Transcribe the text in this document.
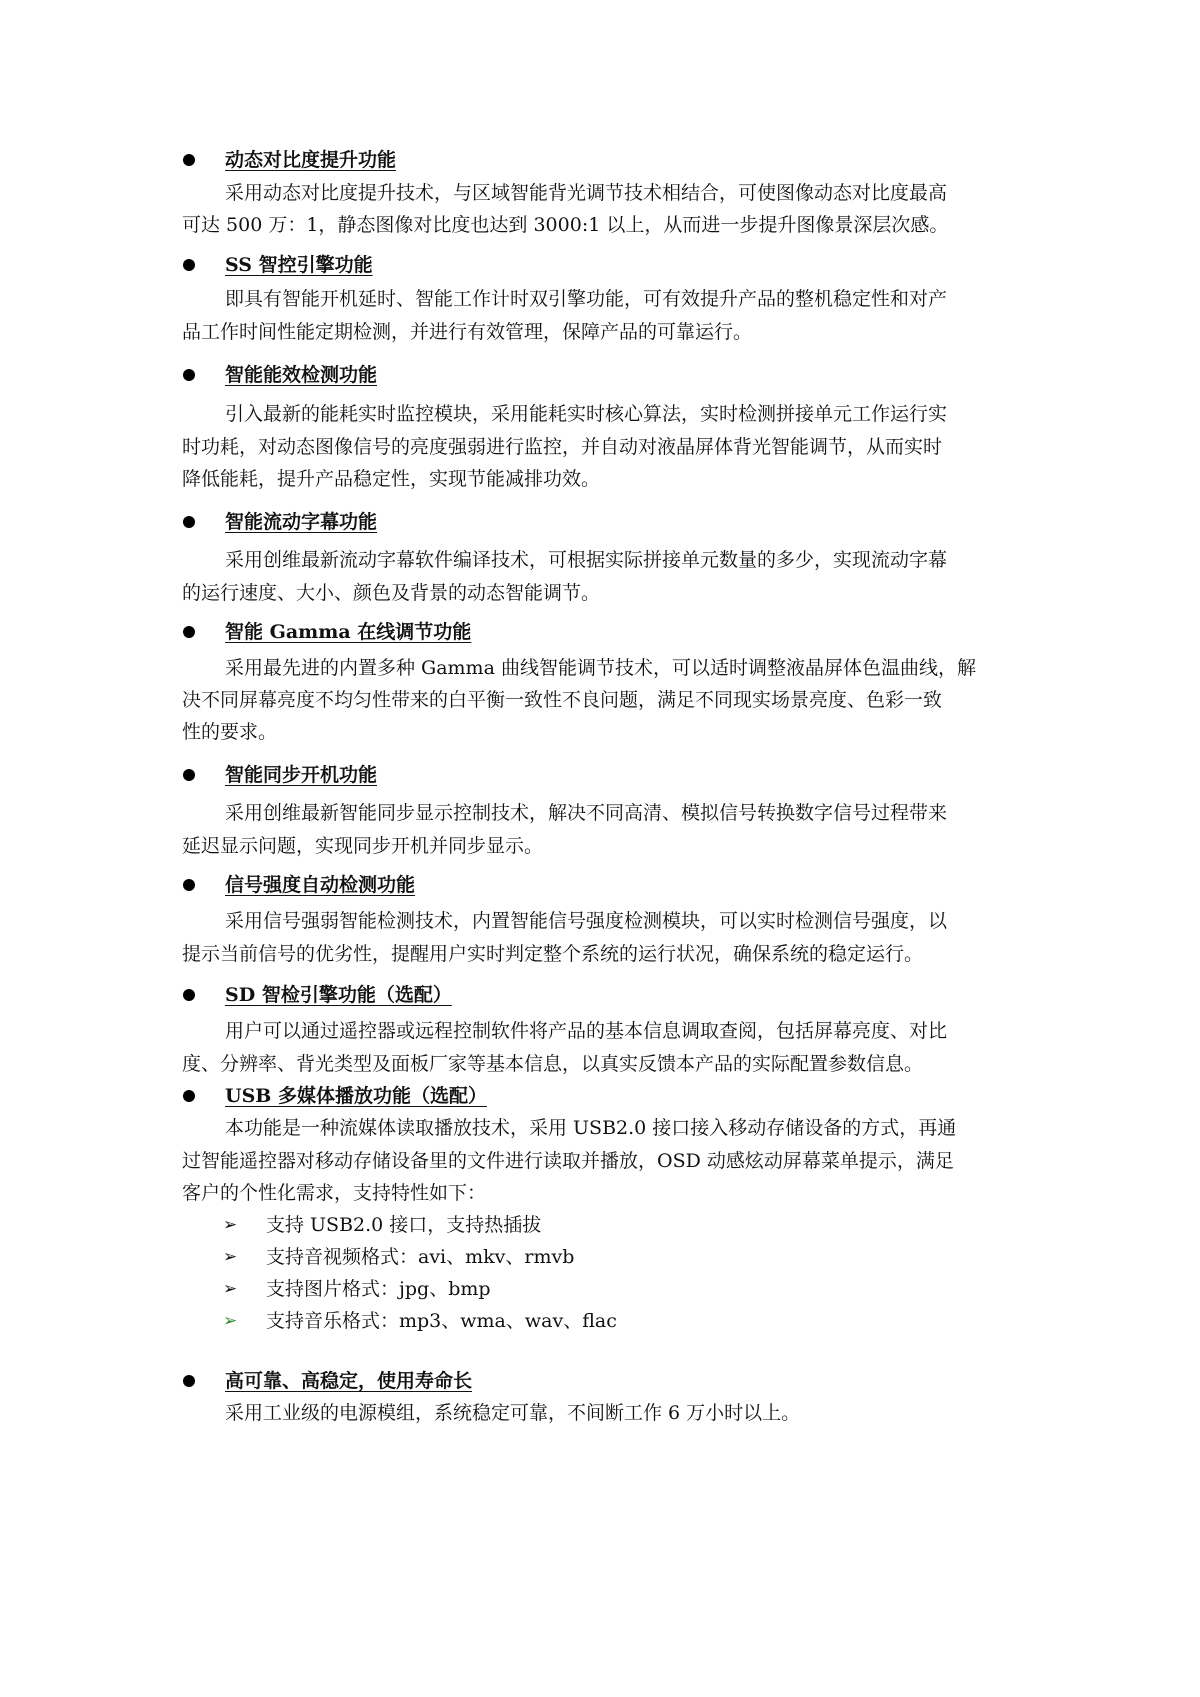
动态对比度提升功能
采用动态对比度提升技术，与区域智能背光调节技术相结合，可使图像动态对比度最高
可达 500 万：1，静态图像对比度也达到 3000:1 以上，从而进一步提升图像景深层次感。
SS 智控引擎功能
即具有智能开机延时、智能工作计时双引擎功能，可有效提升产品的整机稳定性和对产
品工作时间性能定期检测，并进行有效管理，保障产品的可靠运行。
智能能效检测功能
引入最新的能耗实时监控模块，采用能耗实时核心算法，实时检测拼接单元工作运行实
时功耗，对动态图像信号的亮度强弱进行监控，并自动对液晶屏体背光智能调节，从而实时
降低能耗，提升产品稳定性，实现节能减排功效。
智能流动字幕功能
采用创维最新流动字幕软件编译技术，可根据实际拼接单元数量的多少，实现流动字幕
的运行速度、大小、颜色及背景的动态智能调节。
智能 Gamma 在线调节功能
采用最先进的内置多种 Gamma 曲线智能调节技术，可以适时调整液晶屏体色温曲线，解
决不同屏幕亮度不均匀性带来的白平衡一致性不良问题，满足不同现实场景亮度、色彩一致
性的要求。
智能同步开机功能
采用创维最新智能同步显示控制技术，解决不同高清、模拟信号转换数字信号过程带来
延迟显示问题，实现同步开机并同步显示。
信号强度自动检测功能
采用信号强弱智能检测技术，内置智能信号强度检测模块，可以实时检测信号强度，以
提示当前信号的优劣性，提醒用户实时判定整个系统的运行状况，确保系统的稳定运行。
SD 智检引擎功能（选配）
用户可以通过遥控器或远程控制软件将产品的基本信息调取查阅，包括屏幕亮度、对比
度、分辨率、背光类型及面板厂家等基本信息，以真实反馈本产品的实际配置参数信息。
USB 多媒体播放功能（选配）
本功能是一种流媒体读取播放技术，采用 USB2.0 接口接入移动存储设备的方式，再通
过智能遥控器对移动存储设备里的文件进行读取并播放，OSD 动感炫动屏幕菜单提示，满足
客户的个性化需求，支持特性如下：
➢ 支持 USB2.0 接口，支持热插拔
➢ 支持音视频格式：avi、mkv、rmvb
➢ 支持图片格式：jpg、bmp
➢ 支持音乐格式：mp3、wma、wav、flac
高可靠、高稳定，使用寿命长
采用工业级的电源模组，系统稳定可靠，不间断工作 6 万小时以上。
